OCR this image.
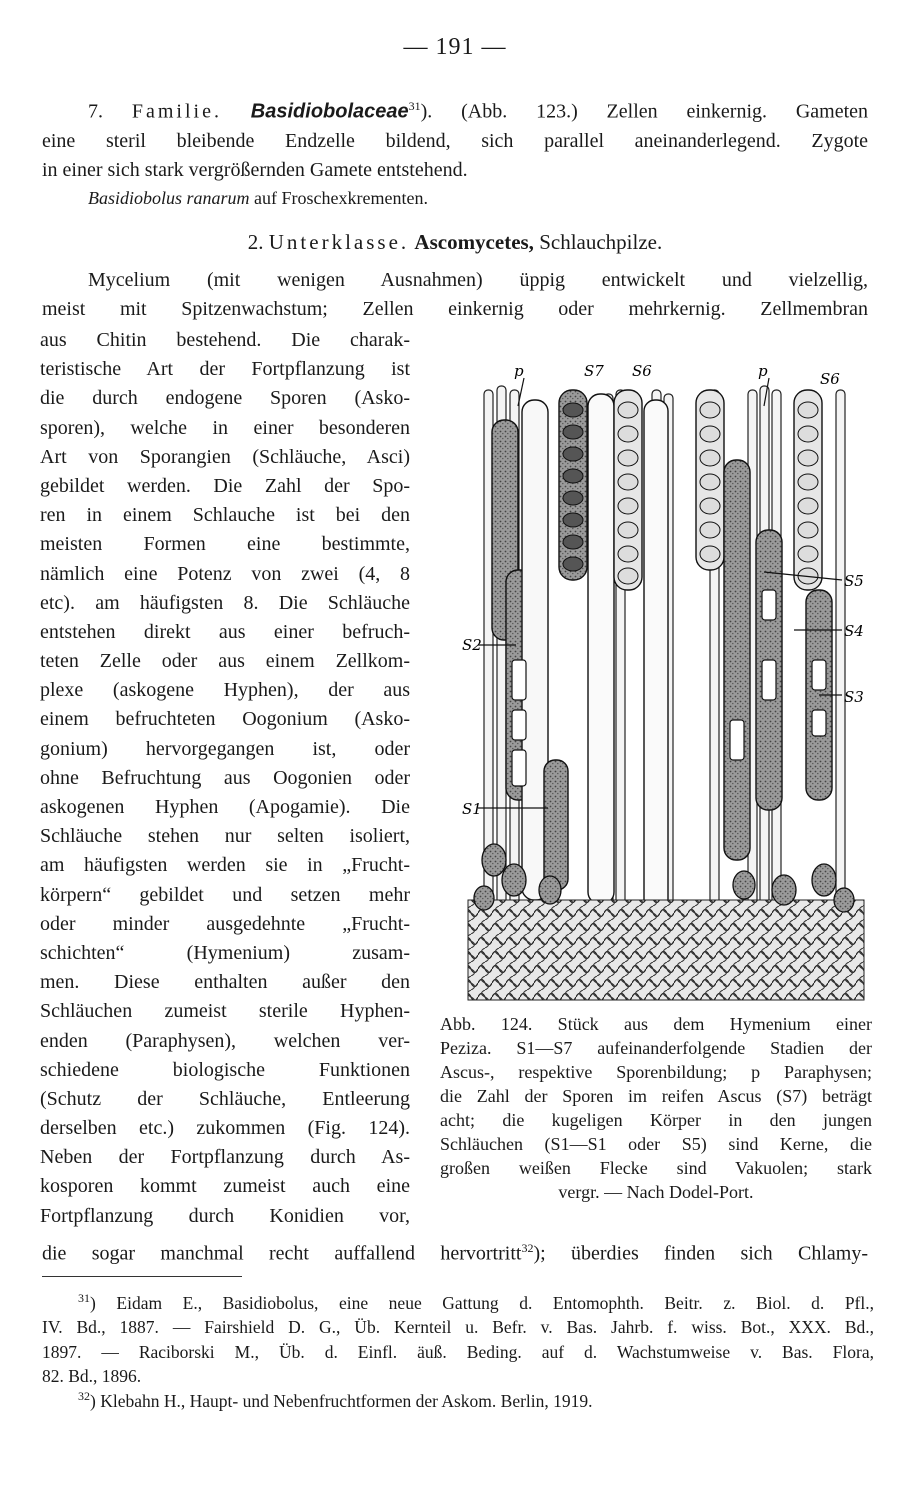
— 191 —
7. Familie. Basidiobolaceae$^{31}$). (Abb. 123.) Zellen einkernig. Gameten
eine steril bleibende Endzelle bildend, sich parallel aneinanderlegend. Zygote
in einer sich stark vergrößernden Gamete entstehend.
Basidiobolus ranarum auf Froschexkrementen.
2. Unterklasse. Ascomycetes, Schlauchpilze.
Mycelium (mit wenigen Ausnahmen) üppig entwickelt und vielzellig,
meist mit Spitzenwachstum; Zellen einkernig oder mehrkernig. Zellmembran
aus Chitin bestehend. Die charak-
teristische Art der Fortpflanzung ist
die durch endogene Sporen (Asko-
sporen), welche in einer besonderen
Art von Sporangien (Schläuche, Asci)
gebildet werden. Die Zahl der Spo-
ren in einem Schlauche ist bei den
meisten Formen eine bestimmte,
nämlich eine Potenz von zwei (4, 8
etc). am häufigsten 8. Die Schläuche
entstehen direkt aus einer befruch-
teten Zelle oder aus einem Zellkom-
plexe (askogene Hyphen), der aus
einem befruchteten Oogonium (Asko-
gonium) hervorgegangen ist, oder
ohne Befruchtung aus Oogonien oder
askogenen Hyphen (Apogamie). Die
Schläuche stehen nur selten isoliert,
am häufigsten werden sie in „Frucht-
körpern“ gebildet und setzen mehr
oder minder ausgedehnte „Frucht-
schichten“ (Hymenium) zusam-
men. Diese enthalten außer den
Schläuchen zumeist sterile Hyphen-
enden (Paraphysen), welchen ver-
schiedene biologische Funktionen
(Schutz der Schläuche, Entleerung
derselben etc.) zukommen (Fig. 124).
Neben der Fortpflanzung durch As-
kosporen kommt zumeist auch eine
Fortpflanzung durch Konidien vor,
die sogar manchmal recht auffallend hervortritt$^{32}$); überdies finden sich Chlamy-
p	S7 S6	p	S6
S5
S4
S3
S2
S1
Abb. 124. Stück aus dem Hymenium einer
Peziza. S1—S7 aufeinanderfolgende Stadien der
Ascus-, respektive Sporenbildung; p Paraphysen;
die Zahl der Sporen im reifen Ascus (S7) beträgt
acht; die kugeligen Körper in den jungen
Schläuchen (S1—S1 oder S5) sind Kerne, die
großen weißen Flecke sind Vakuolen; stark
vergr. — Nach Dodel-Port.
$^{31}$) Eidam E., Basidiobolus, eine neue Gattung d. Entomophth. Beitr. z. Biol. d. Pfl.,
IV. Bd., 1887. — Fairshield D. G., Üb. Kernteil u. Befr. v. Bas. Jahrb. f. wiss. Bot., XXX. Bd.,
1897. — Raciborski M., Üb. d. Einfl. äuß. Beding. auf d. Wachstumweise v. Bas. Flora,
82. Bd., 1896.
$^{32}$) Klebahn H., Haupt- und Nebenfruchtformen der Askom. Berlin, 1919.
